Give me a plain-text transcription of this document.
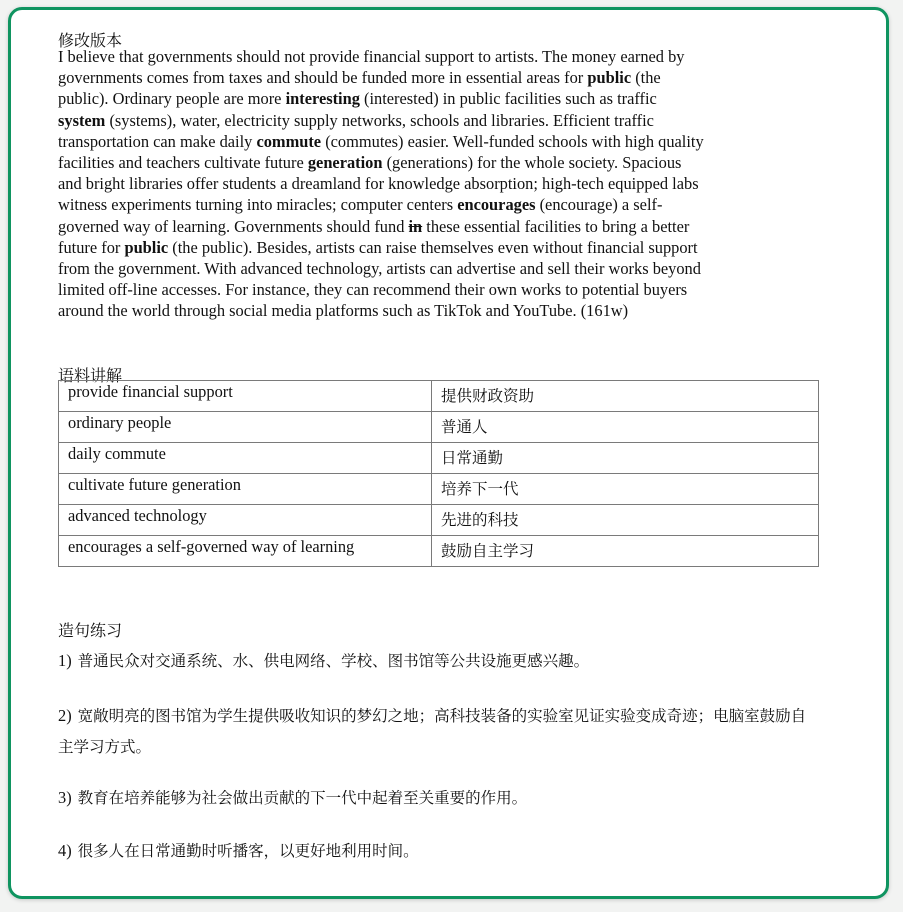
修改版本
I believe that governments should not provide financial support to artists. The money earned by
governments comes from taxes and should be funded more in essential areas for public (the
public). Ordinary people are more interesting (interested) in public facilities such as traffic
system (systems), water, electricity supply networks, schools and libraries. Efficient traffic
transportation can make daily commute (commutes) easier. Well-funded schools with high quality
facilities and teachers cultivate future generation (generations) for the whole society. Spacious
and bright libraries offer students a dreamland for knowledge absorption; high-tech equipped labs
witness experiments turning into miracles; computer centers encourages (encourage) a self-
governed way of learning. Governments should fund in these essential facilities to bring a better
future for public (the public). Besides, artists can raise themselves even without financial support
from the government. With advanced technology, artists can advertise and sell their works beyond
limited off-line accesses. For instance, they can recommend their own works to potential buyers
around the world through social media platforms such as TikTok and YouTube. (161w)
语料讲解
provide financial support	提供财政资助
ordinary people	普通人
daily commute	日常通勤
cultivate future generation	培养下一代
advanced technology	先进的科技
encourages a self-governed way of learning	鼓励自主学习
造句练习

1) 普通民众对交通系统、水、供电网络、学校、图书馆等公共设施更感兴趣。

2) 宽敞明亮的图书馆为学生提供吸收知识的梦幻之地；高科技装备的实验室见证实验变成奇迹；电脑室鼓励自主学习方式。

3) 教育在培养能够为社会做出贡献的下一代中起着至关重要的作用。

4) 很多人在日常通勤时听播客，以更好地利用时间。
